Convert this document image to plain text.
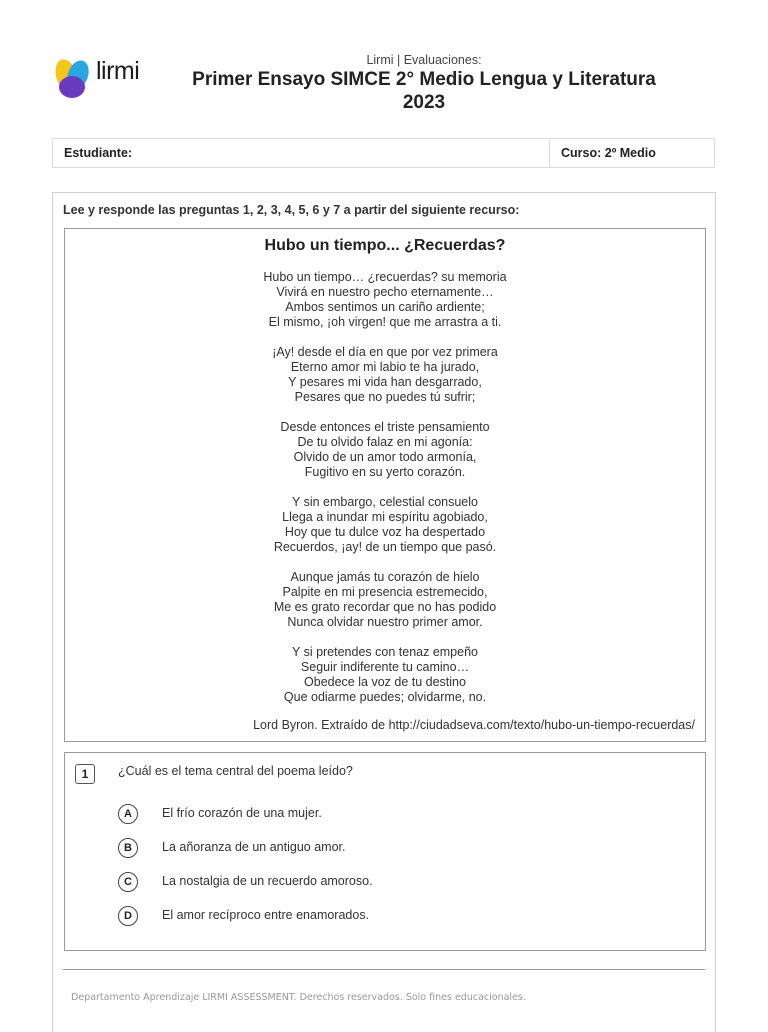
lirmi	Lirmi | Evaluaciones:
Primer Ensayo SIMCE 2° Medio Lengua y Literatura
2023
Estudiante:	Curso: 2º Medio
Lee y responde las preguntas 1, 2, 3, 4, 5, 6 y 7 a partir del siguiente recurso:
Hubo un tiempo... ¿Recuerdas?
Hubo un tiempo… ¿recuerdas? su memoria
Vivirá en nuestro pecho eternamente…
Ambos sentimos un cariño ardiente;
El mismo, ¡oh virgen! que me arrastra a ti.
¡Ay! desde el día en que por vez primera
Eterno amor mi labio te ha jurado,
Y pesares mi vida han desgarrado,
Pesares que no puedes tú sufrir;
Desde entonces el triste pensamiento
De tu olvido falaz en mi agonía:
Olvido de un amor todo armonía,
Fugitivo en su yerto corazón.
Y sin embargo, celestial consuelo
Llega a inundar mi espíritu agobiado,
Hoy que tu dulce voz ha despertado
Recuerdos, ¡ay! de un tiempo que pasó.
Aunque jamás tu corazón de hielo
Palpite en mi presencia estremecido,
Me es grato recordar que no has podido
Nunca olvidar nuestro primer amor.
Y si pretendes con tenaz empeño
Seguir indiferente tu camino…
Obedece la voz de tu destino
Que odiarme puedes; olvidarme, no.
Lord Byron. Extraído de http://ciudadseva.com/texto/hubo-un-tiempo-recuerdas/
1	¿Cuál es el tema central del poema leído?
A	El frío corazón de una mujer.
B	La añoranza de un antiguo amor.
C	La nostalgia de un recuerdo amoroso.
D	El amor recíproco entre enamorados.
Departamento Aprendizaje LIRMI ASSESSMENT. Derechos reservados. Solo fines educacionales.
